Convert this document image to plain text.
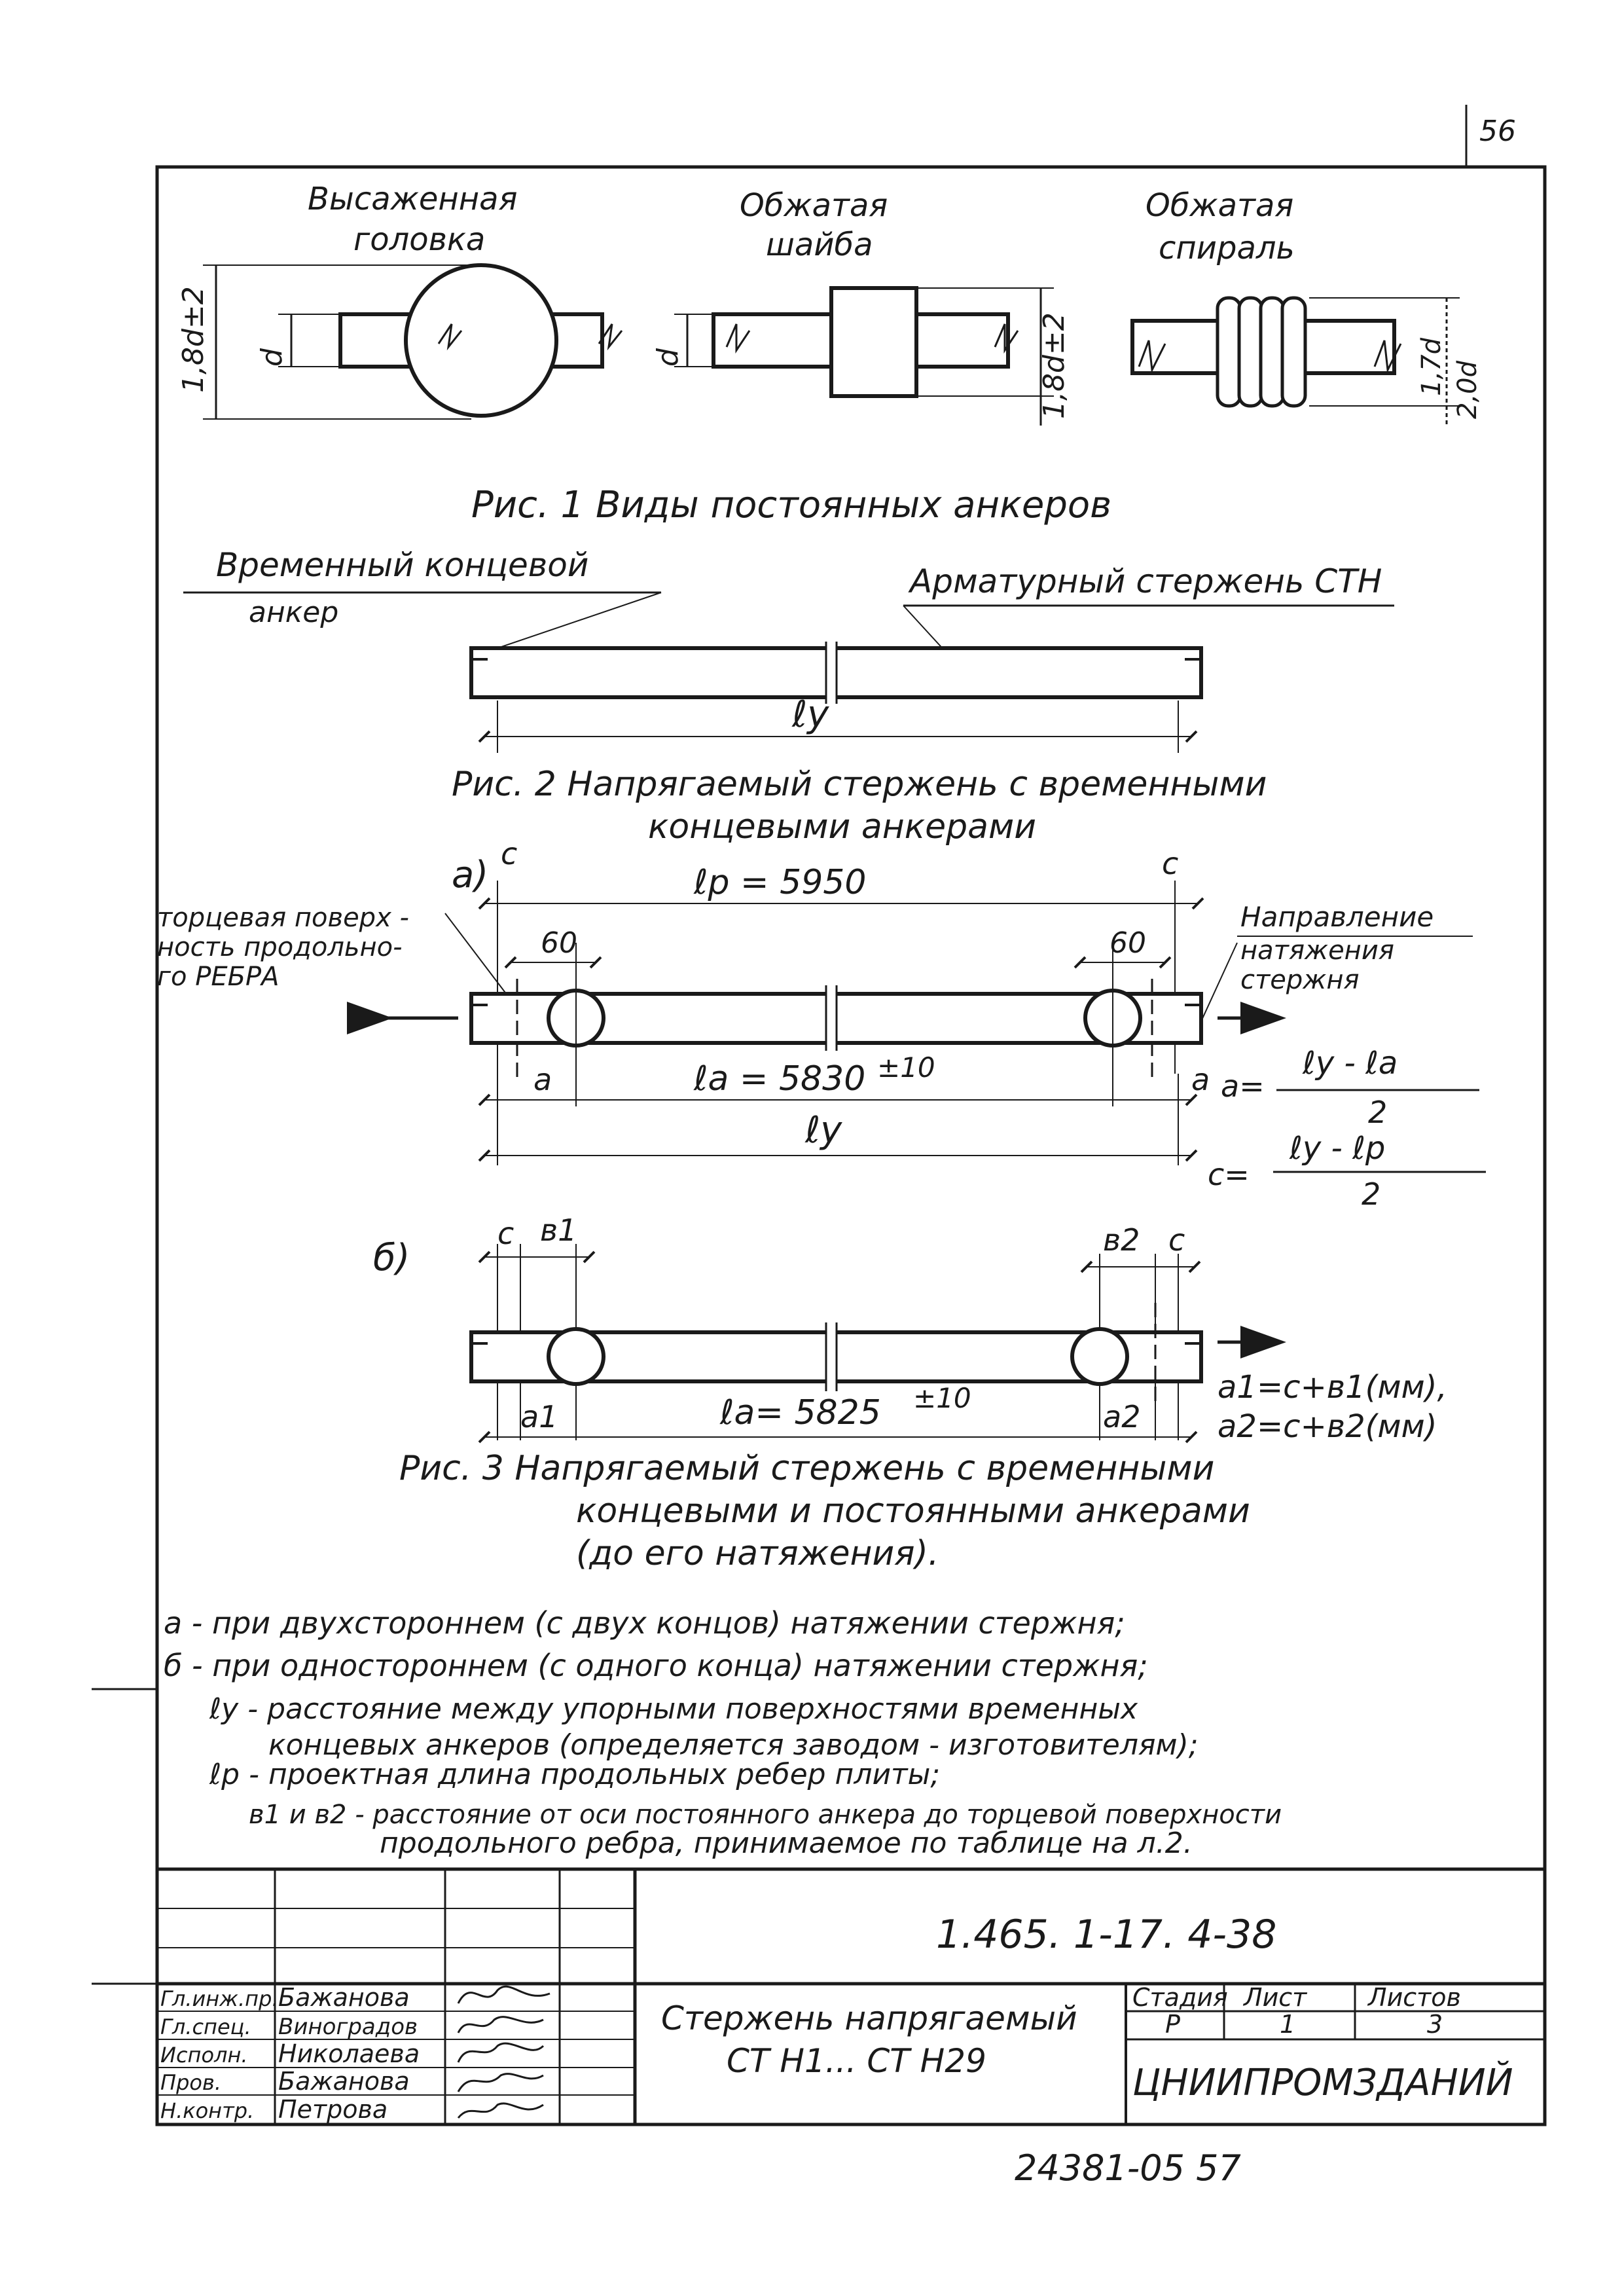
56
Высаженная
головка
1,8d±2 d
Обжатая
шайба
d	1,8d±2
Обжатая
спираль
1,7d 2,0d
Рис. 1 Виды постоянных анкеров
Временный концевой
анкер
Арматурный стержень СТН
ℓу
Рис. 2 Напрягаемый стержень с временными
концевыми анкерами
а) c	c
ℓр = 5950
60	60
торцевая поверх -
ность продольно-
го РЕБРА
Направление
натяжения
стержня
а	ℓа = 5830 ±10	а
ℓу
а=
ℓу - ℓа
2
с=
ℓу - ℓр
2
б)
с в1	в2 с
а1	ℓа= 5825 ±10
а2
а1=с+в1(мм),
а2=с+в2(мм)
Рис. 3 Напрягаемый стержень с временными
концевыми и постоянными анкерами
(до его натяжения).
а - при двухстороннем (с двух концов) натяжении стержня;
б - при одностороннем (с одного конца) натяжении стержня;
ℓу - расстояние между упорными поверхностями временных
концевых анкеров (определяется заводом - изготовителям);
ℓр - проектная длина продольных ребер плиты;
в1 и в2 - расстояние от оси постоянного анкера до торцевой поверхности
продольного ребра, принимаемое по таблице на л.2.
1.465. 1-17. 4-38
Стержень напрягаемый
СТ Н1... СТ Н29
Стадия Лист Листов
Р	1	3
ЦНИИПРОМЗДАНИЙ
Гл.инж.пр. Бажанова
Гл.спец. Виноградов
Исполн. Николаева
Пров. Бажанова
Н.контр. Петрова
24381-05 57
